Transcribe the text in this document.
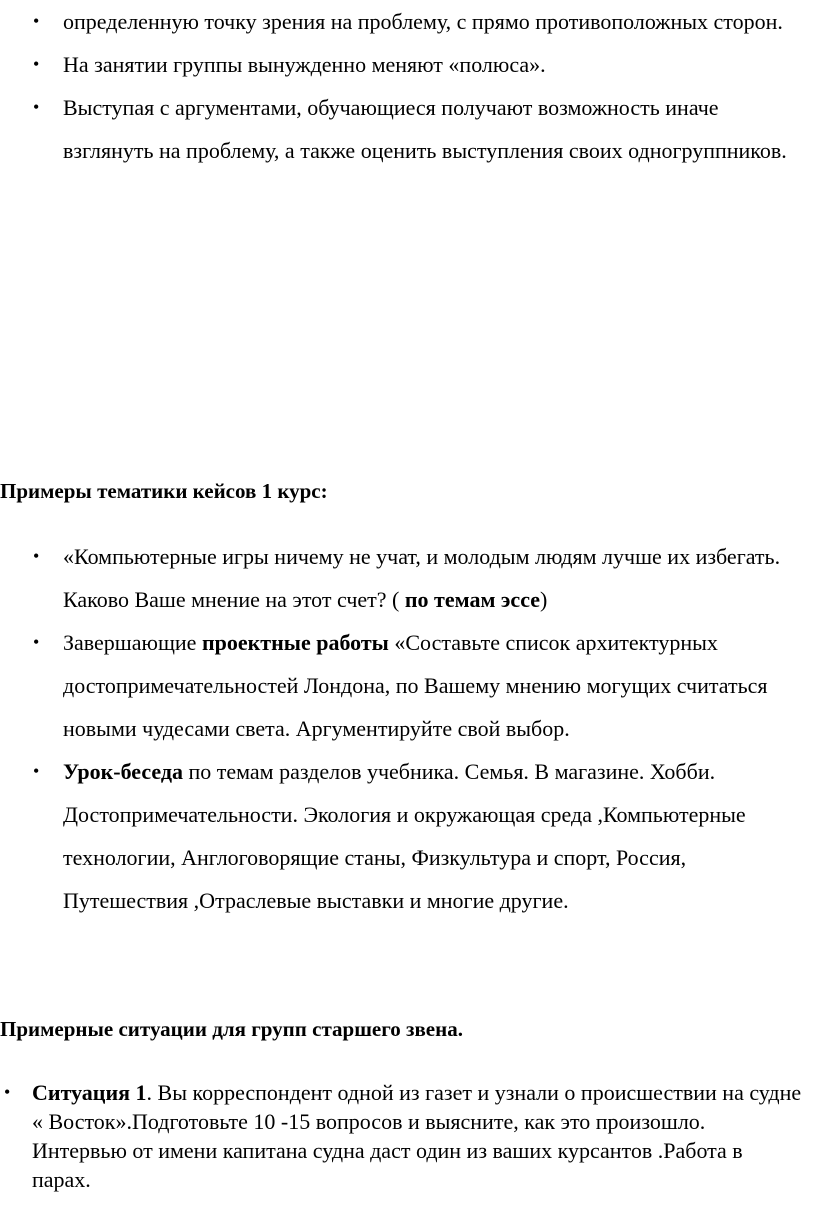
• определенную точку зрения на проблему, с прямо противоположных сторон.
• На занятии группы вынужденно меняют «полюса».
• Выступая с аргументами, обучающиеся получают возможность иначе взглянуть на проблему, а также оценить выступления своих одногруппников.

Примеры тематики кейсов 1 курс:

• «Компьютерные игры ничему не учат, и молодым людям лучше их избегать. Каково Ваше мнение на этот счет? ( по темам эссе)
• Завершающие проектные работы «Составьте список архитектурных достопримечательностей Лондона, по Вашему мнению могущих считаться новыми чудесами света. Аргументируйте свой выбор.
• Урок-беседа по темам разделов учебника. Семья. В магазине. Хобби. Достопримечательности. Экология и окружающая среда ,Компьютерные технологии, Англоговорящие станы, Физкультура и спорт, Россия, Путешествия ,Отраслевые выставки и многие другие.

Примерные ситуации для групп старшего звена.

• Ситуация 1. Вы корреспондент одной из газет и узнали о происшествии на судне « Восток».Подготовьте 10 -15 вопросов и выясните, как это произошло. Интервью от имени капитана судна даст один из ваших курсантов .Работа в парах.
